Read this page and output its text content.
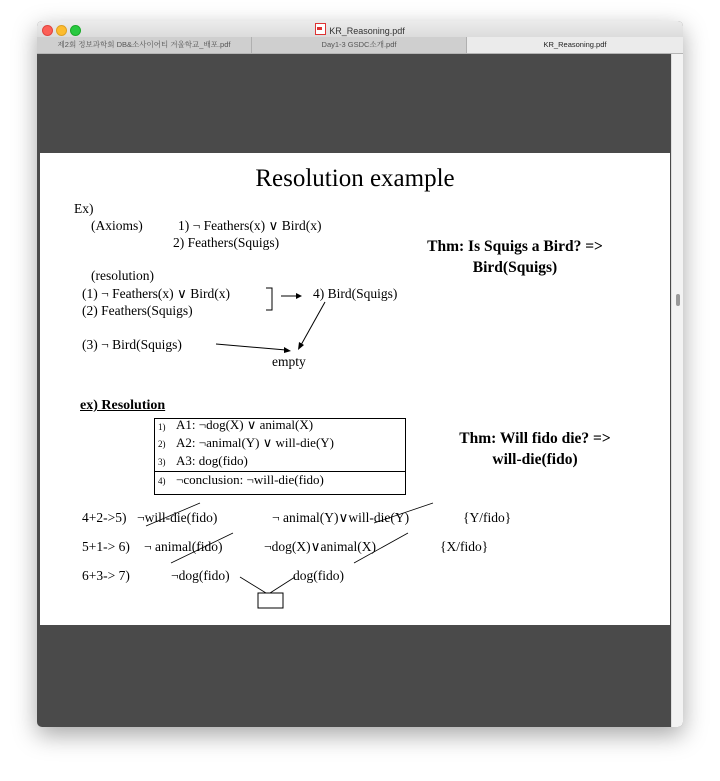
KR_Reasoning.pdf
제2회 정보과학회 DB&소사이어티 겨울학교_배포.pdf	Day1-3 GSDC소개.pdf	KR_Reasoning.pdf
Resolution example
Ex)
(Axioms)	1) ¬ Feathers(x) ∨ Bird(x)
2) Feathers(Squigs)	Thm: Is Squigs a Bird? =>
Bird(Squigs)
(resolution)
(1) ¬ Feathers(x) ∨ Bird(x)
(2) Feathers(Squigs)
4) Bird(Squigs)
(3) ¬ Bird(Squigs)
empty
ex) Resolution
1) A1: ¬dog(X) ∨ animal(X)
2) A2: ¬animal(Y) ∨ will-die(Y)
3) A3: dog(fido)
4) ¬conclusion: ¬will-die(fido)
Thm: Will fido die? =>
will-die(fido)
4+2->5) ¬will-die(fido)	¬ animal(Y)∨will-die(Y)	{Y/fido}
5+1-> 6) ¬ animal(fido)	¬dog(X)∨animal(X)	{X/fido}
6+3-> 7)	¬dog(fido)	dog(fido)
